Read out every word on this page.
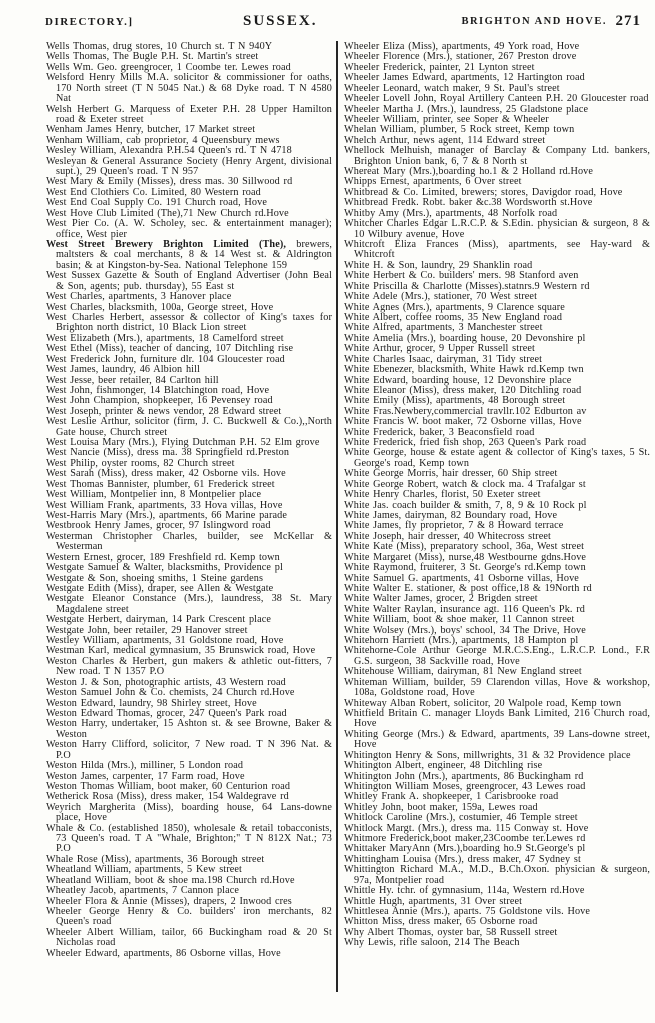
DIRECTORY.]	SUSSEX.	BRIGHTON AND HOVE. 271

Wells Thomas, drug stores, 10 Church st. T N 940Y

Wells Thomas, The Bugle P.H. St. Martin's street

Wells Wm. Geo. greengrocer, 1 Coombe ter. Lewes road

Welsford Henry Mills M.A. solicitor & commissioner for oaths, 170 North street (T N 5045 Nat.) & 68 Dyke road. T N 4580 Nat

Welsh Herbert G. Marquess of Exeter P.H. 28 Upper Hamilton road & Exeter street

Wenham James Henry, butcher, 17 Market street

Wenham William, cab proprietor, 4 Queensbury mews

Wesley William, Alexandra P.H.54 Queen's rd. T N 4718

Wesleyan & General Assurance Society (Henry Argent, divisional supt.), 29 Queen's road. T N 957

West Mary & Emily (Misses), dress mas. 30 Sillwood rd

West End Clothiers Co. Limited, 80 Western road

West End Coal Supply Co. 191 Church road, Hove

West Hove Club Limited (The),71 New Church rd.Hove

West Pier Co. (A. W. Scholey, sec. & entertainment manager); office, West pier

West Street Brewery Brighton Limited (The), brewers, maltsters & coal merchants, 8 & 14 West st. & Aldrington basin; & at Kingston-by-Sea. National Telephone 159

West Sussex Gazette & South of England Advertiser (John Beal & Son, agents; pub. thursday), 55 East st

West Charles, apartments, 3 Hanover place

West Charles, blacksmith, 100a, George street, Hove

West Charles Herbert, assessor & collector of King's taxes for Brighton north district, 10 Black Lion street

West Elizabeth (Mrs.), apartments, 18 Camelford street

West Ethel (Miss), teacher of dancing, 107 Ditchling rise

West Frederick John, furniture dlr. 104 Gloucester road

West James, laundry, 46 Albion hill

West Jesse, beer retailer, 84 Carlton hill

West John, fishmonger, 14 Blatchington road, Hove

West John Champion, shopkeeper, 16 Pevensey road

West Joseph, printer & news vendor, 28 Edward street

West Leslie Arthur, solicitor (firm, J. C. Buckwell & Co.),,North Gate house, Church street

West Louisa Mary (Mrs.), Flying Dutchman P.H. 52 Elm grove

West Nancie (Miss), dress ma. 38 Springfield rd.Preston

West Philip, oyster rooms, 82 Church street

West Sarah (Miss), dress maker, 42 Osborne vils. Hove

West Thomas Bannister, plumber, 61 Frederick street

West William, Montpelier inn, 8 Montpelier place

West William Frank, apartments, 33 Hova villas, Hove

West-Harris Mary (Mrs.), apartments, 66 Marine parade

Westbrook Henry James, grocer, 97 Islingword road

Westerman Christopher Charles, builder, see McKellar & Westerman

Western Ernest, grocer, 189 Freshfield rd. Kemp town

Westgate Samuel & Walter, blacksmiths, Providence pl

Westgate & Son, shoeing smiths, 1 Steine gardens

Westgate Edith (Miss), draper, see Allen & Westgate

Westgate Eleanor Constance (Mrs.), laundress, 38 St. Mary Magdalene street

Westgate Herbert, dairyman, 14 Park Crescent place

Westgate John, beer retailer, 29 Hanover street

Westley William, apartments, 31 Goldstone road, Hove

Westman Karl, medical gymnasium, 35 Brunswick road, Hove

Weston Charles & Herbert, gun makers & athletic out-fitters, 7 New road. T N 1357 P.O

Weston J. & Son, photographic artists, 43 Western road

Weston Samuel John & Co. chemists, 24 Church rd.Hove

Weston Edward, laundry, 98 Shirley street, Hove

Weston Edward Thomas, grocer, 247 Queen's Park road

Weston Harry, undertaker, 15 Ashton st. & see Browne, Baker & Weston

Weston Harry Clifford, solicitor, 7 New road. T N 396 Nat. & P.O

Weston Hilda (Mrs.), milliner, 5 London road

Weston James, carpenter, 17 Farm road, Hove

Weston Thomas William, boot maker, 60 Centurion road

Wetherick Rosa (Miss), dress maker, 154 Waldegrave rd

Weyrich Margherita (Miss), boarding house, 64 Lans-downe place, Hove

Whale & Co. (established 1850), wholesale & retail tobacconists, 73 Queen's road. T A "Whale, Brighton;" T N 812X Nat.; 73 P.O

Whale Rose (Miss), apartments, 36 Borough street

Wheatland William, apartments, 5 Kew street

Wheatland William, boot & shoe ma.198 Church rd.Hove

Wheatley Jacob, apartments, 7 Cannon place

Wheeler Flora & Annie (Misses), drapers, 2 Inwood cres

Wheeler George Henry & Co. builders' iron merchants, 82 Queen's road

Wheeler Albert William, tailor, 66 Buckingham road & 20 St Nicholas road

Wheeler Edward, apartments, 86 Osborne villas, Hove

Wheeler Eliza (Miss), apartments, 49 York road, Hove

Wheeler Florence (Mrs.), stationer, 267 Preston drove

Wheeler Frederick, painter, 21 Lynton street

Wheeler James Edward, apartments, 12 Hartington road

Wheeler Leonard, watch maker, 9 St. Paul's street

Wheeler Lovell John, Royal Artillery Canteen P.H. 20 Gloucester road

Wheeler Martha J. (Mrs.), laundress, 25 Gladstone place

Wheeler William, printer, see Soper & Wheeler

Whelan William, plumber, 5 Rock street, Kemp town

Whelch Arthur, news agent, 114 Edward street

Whellock Melhuish, manager of Barclay & Company Ltd. bankers, Brighton Union bank, 6, 7 & 8 North st

Whereat Mary (Mrs.),boarding ho.1 & 2 Holland rd.Hove

Whipps Ernest, apartments, 6 Over street

Whitbread & Co. Limited, brewers; stores, Davigdor road, Hove

Whitbread Fredk. Robt. baker &c.38 Wordsworth st.Hove

Whitby Amy (Mrs.), apartments, 48 Norfolk road

Whitcher Charles Edgar L.R.C.P. & S.Edin. physician & surgeon, 8 & 10 Wilbury avenue, Hove

Whitcroft Eliza Frances (Miss), apartments, see Hay-ward & Whitcroft

White H. & Son, laundry, 29 Shanklin road

White Herbert & Co. builders' mers. 98 Stanford aven

White Priscilla & Charlotte (Misses).statnrs.9 Western rd

White Adele (Mrs.), stationer, 70 West street

White Agnes (Mrs.), apartments, 9 Clarence square

White Albert, coffee rooms, 35 New England road

White Alfred, apartments, 3 Manchester street

White Amelia (Mrs.), boarding house, 20 Devonshire pl

White Arthur, grocer, 9 Upper Russell street

White Charles Isaac, dairyman, 31 Tidy street

White Ebenezer, blacksmith, White Hawk rd.Kemp twn

White Edward, boarding house, 12 Devonshire place

White Eleanor (Miss), dress maker, 120 Ditchling road

White Emily (Miss), apartments, 48 Borough street

White Fras.Newbery,commercial travllr.102 Edburton av

White Francis W. boot maker, 72 Osborne villas, Hove

White Frederick, baker, 3 Beaconsfield road

White Frederick, fried fish shop, 263 Queen's Park road

White George, house & estate agent & collector of King's taxes, 5 St. George's road, Kemp town

White George Morris, hair dresser, 60 Ship street

White George Robert, watch & clock ma. 4 Trafalgar st

White Henry Charles, florist, 50 Exeter street

White Jas. coach builder & smith, 7, 8, 9 & 10 Rock pl

White James, dairyman, 82 Boundary road, Hove

White James, fly proprietor, 7 & 8 Howard terrace

White Joseph, hair dresser, 40 Whitecross street

White Kate (Miss), preparatory school, 36a, West street

White Margaret (Miss), nurse,48 Westbourne gdns.Hove

White Raymond, fruiterer, 3 St. George's rd.Kemp town

White Samuel G. apartments, 41 Osborne villas, Hove

White Walter E. stationer, & post office,18 & 19North rd

White Walter James, grocer, 2 Brigden street

White Walter Raylan, insurance agt. 116 Queen's Pk. rd

White William, boot & shoe maker, 11 Cannon street

White Wolsey (Mrs.), boys' school, 34 The Drive, Hove

Whitehorn Harriett (Mrs.), apartments, 18 Hampton pl

Whitehorne-Cole Arthur George M.R.C.S.Eng., L.R.C.P. Lond., F.R G.S. surgeon, 38 Sackville road, Hove

Whitehouse William, dairyman, 81 New England street

Whiteman William, builder, 59 Clarendon villas, Hove & workshop, 108a, Goldstone road, Hove

Whiteway Alban Robert, solicitor, 20 Walpole road, Kemp town

Whitfield Britain C. manager Lloyds Bank Limited, 216 Church road, Hove

Whiting George (Mrs.) & Edward, apartments, 39 Lans-downe street, Hove

Whitington Henry & Sons, millwrights, 31 & 32 Providence place

Whitington Albert, engineer, 48 Ditchling rise

Whitington John (Mrs.), apartments, 86 Buckingham rd

Whitington William Moses, greengrocer, 43 Lewes road

Whitley Frank A. shopkeeper, 1 Carisbrooke road

Whitley John, boot maker, 159a, Lewes road

Whitlock Caroline (Mrs.), costumier, 46 Temple street

Whitlock Margt. (Mrs.), dress ma. 115 Conway st. Hove

Whitmore Frederick,boot maker,23Coombe ter.Lewes rd

Whittaker MaryAnn (Mrs.),boarding ho.9 St.George's pl

Whittingham Louisa (Mrs.), dress maker, 47 Sydney st

Whittington Richard M.A., M.D., B.Ch.Oxon. physician & surgeon, 97a, Montpelier road

Whittle Hy. tchr. of gymnasium, 114a, Western rd.Hove

Whittle Hugh, apartments, 31 Over street

Whittlesea Annie (Mrs.), aparts. 75 Goldstone vils. Hove

Whitton Miss, dress maker, 65 Osborne road

Why Albert Thomas, oyster bar, 58 Russell street

Why Lewis, rifle saloon, 214 The Beach
